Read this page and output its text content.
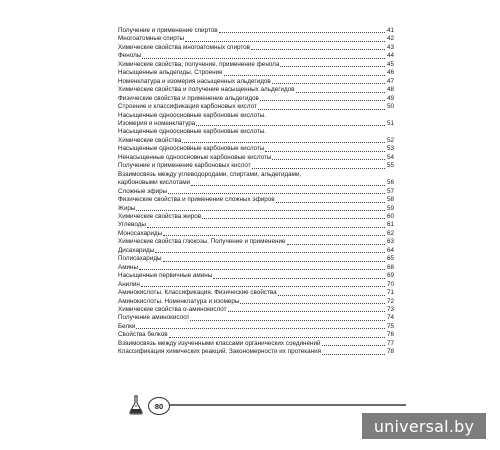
Получение и применение спиртов	41
Многоатомные спирты	42
Химические свойства многоатомных спиртов	43
Фенолы	44
Химические свойства, получение, применение фенола	45
Насыщенные альдегиды. Строение	46
Номенклатура и изомерия насыщенных альдегидов	47
Химические свойства и получение насыщенных альдегидов	48
Физические свойства и применение альдегидов	49
Строение и классификация карбоновых кислот	50
Насыщенные одноосновные карбоновые кислоты.
Изомерия и номенклатура	51
Насыщенные одноосновные карбоновые кислоты.
Химические свойства	52
Насыщенные одноосновные карбоновые кислоты	53
Ненасыщенные одноосновные карбоновые кислоты	54
Получение и применение карбоновых кислот	55
Взаимосвязь между углеводородами, спиртами, альдегидами,
карбоновыми кислотами	56
Сложные эфиры	57
Физические свойства и применение сложных эфиров	58
Жиры	59
Химические свойства жиров	60
Углеводы	61
Моносахариды	62
Химические свойства глюкозы. Получение и применение	63
Дисахариды	64
Полисахариды	65
Амины	68
Насыщенные первичные амины	69
Анилин	70
Аминокислоты. Классификация. Физические свойства	71
Аминокислоты. Номенклатура и изомеры	72
Химические свойства α-аминокислот	73
Получение аминокислот	74
Белки	75
Свойства белков	76
Взаимосвязь между изученными классами органических соединений	77
Классификация химических реакций. Закономерности их протекания	78
80
universal.by
